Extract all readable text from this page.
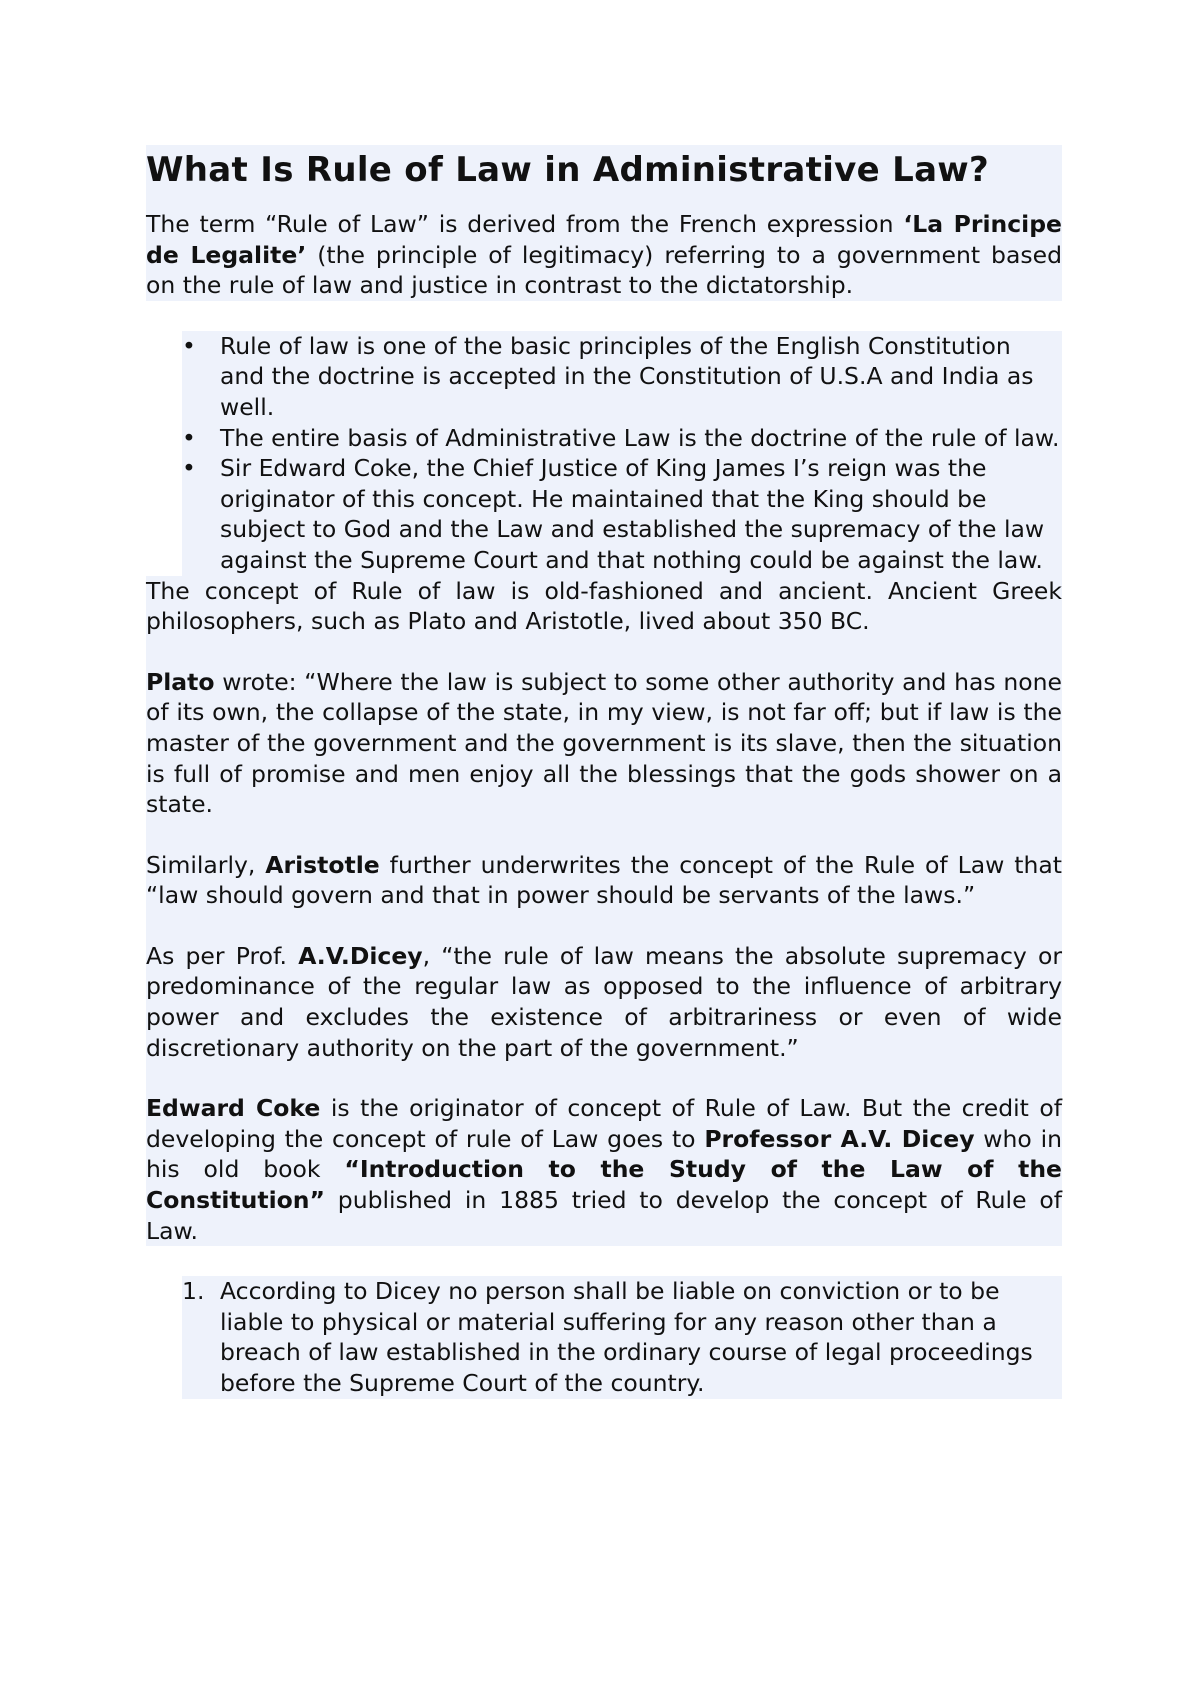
What Is Rule of Law in Administrative Law?

The term “Rule of Law” is derived from the French expression ‘La Principe de Legalite’ (the principle of legitimacy) referring to a government based on the rule of law and justice in contrast to the dictatorship.

• Rule of law is one of the basic principles of the English Constitution and the doctrine is accepted in the Constitution of U.S.A and India as well.
• The entire basis of Administrative Law is the doctrine of the rule of law.
• Sir Edward Coke, the Chief Justice of King James I’s reign was the originator of this concept. He maintained that the King should be subject to God and the Law and established the supremacy of the law against the Supreme Court and that nothing could be against the law.

The concept of Rule of law is old-fashioned and ancient. Ancient Greek philosophers, such as Plato and Aristotle, lived about 350 BC.

Plato wrote: “Where the law is subject to some other authority and has none of its own, the collapse of the state, in my view, is not far off; but if law is the master of the government and the government is its slave, then the situation is full of promise and men enjoy all the blessings that the gods shower on a state.

Similarly, Aristotle further underwrites the concept of the Rule of Law that “law should govern and that in power should be servants of the laws.”

As per Prof. A.V.Dicey, “the rule of law means the absolute supremacy or predominance of the regular law as opposed to the influence of arbitrary power and excludes the existence of arbitrariness or even of wide discretionary authority on the part of the government.”

Edward Coke is the originator of concept of Rule of Law. But the credit of developing the concept of rule of Law goes to Professor A.V. Dicey who in his old book “Introduction to the Study of the Law of the Constitution” published in 1885 tried to develop the concept of Rule of Law.

1. According to Dicey no person shall be liable on conviction or to be liable to physical or material suffering for any reason other than a breach of law established in the ordinary course of legal proceedings before the Supreme Court of the country.
